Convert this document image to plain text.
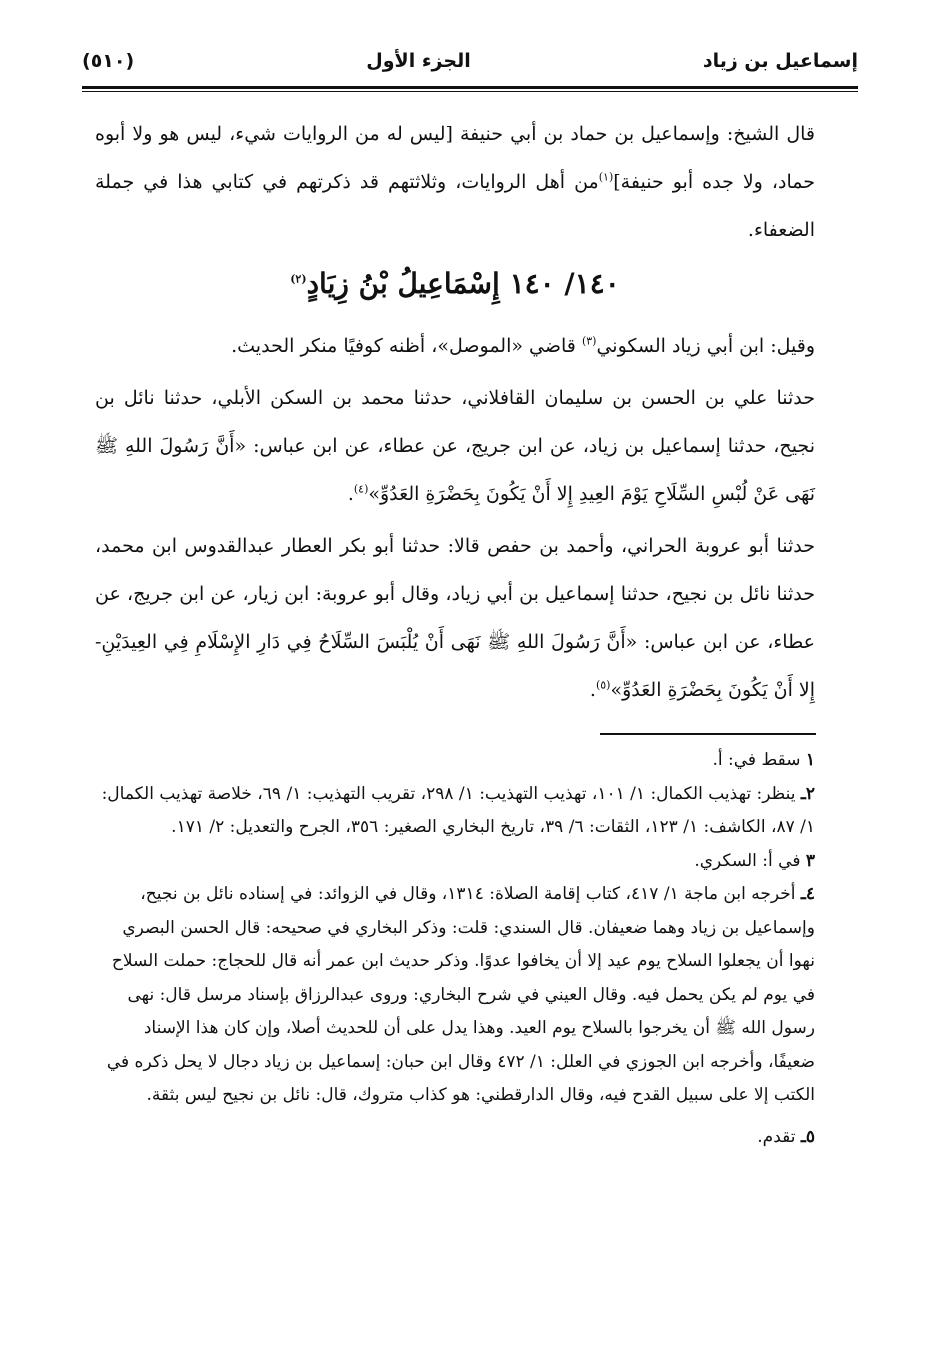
(٥١٠)	الجزء الأول	إسماعيل بن زياد
قال الشيخ: وإسماعيل بن حماد بن أبي حنيفة [ليس له من الروايات شيء، ليس هو ولا أبوه حماد، ولا جده أبو حنيفة]$^{(١)}$من أهل الروايات، وثلاثتهم قد ذكرتهم في كتابي هذا في جملة الضعفاء.
١٤٠/ ١٤٠ إِسْمَاعِيلُ بْنُ زِيَادٍ$^{(٢)}$
وقيل: ابن أبي زياد السكوني$^{(٣)}$ قاضي «الموصل»، أظنه كوفيًا منكر الحديث.
حدثنا علي بن الحسن بن سليمان القافلاني، حدثنا محمد بن السكن الأبلي، حدثنا نائل بن نجيح، حدثنا إسماعيل بن زياد، عن ابن جريج، عن عطاء، عن ابن عباس: «أَنَّ رَسُولَ اللهِ ﷺ نَهَى عَنْ لُبْسِ السِّلَاحِ يَوْمَ العِيدِ إِلا أَنْ يَكُونَ بِحَضْرَةِ العَدُوِّ»$^{(٤)}$.
حدثنا أبو عروبة الحراني، وأحمد بن حفص قالا: حدثنا أبو بكر العطار عبدالقدوس ابن محمد، حدثنا نائل بن نجيح، حدثنا إسماعيل بن أبي زياد، وقال أبو عروبة: ابن زيار، عن ابن جريج، عن عطاء، عن ابن عباس: «أَنَّ رَسُولَ اللهِ ﷺ نَهَى أَنْ يُلْبَسَ السِّلَاحُ فِي دَارِ الإِسْلَامِ فِي العِيدَيْنِ- إِلا أَنْ يَكُونَ بِحَضْرَةِ العَدُوِّ»$^{(٥)}$.
١ سقط في: أ.
٢ـ ينظر: تهذيب الكمال: ١/ ١٠١، تهذيب التهذيب: ١/ ٢٩٨، تقريب التهذيب: ١/ ٦٩، خلاصة تهذيب الكمال: ١/ ٨٧، الكاشف: ١/ ١٢٣، الثقات: ٦/ ٣٩، تاريخ البخاري الصغير: ٣٥٦، الجرح والتعديل: ٢/ ١٧١.
٣ في أ: السكري.
٤ـ أخرجه ابن ماجة ١/ ٤١٧، كتاب إقامة الصلاة: ١٣١٤، وقال في الزوائد: في إسناده نائل بن نجيح، وإسماعيل بن زياد وهما ضعيفان. قال السندي: قلت: وذكر البخاري في صحيحه: قال الحسن البصري نهوا أن يجعلوا السلاح يوم عيد إلا أن يخافوا عدوًا. وذكر حديث ابن عمر أنه قال للحجاج: حملت السلاح في يوم لم يكن يحمل فيه. وقال العيني في شرح البخاري: وروى عبدالرزاق بإسناد مرسل قال: نهى رسول الله ﷺ أن يخرجوا بالسلاح يوم العيد. وهذا يدل على أن للحديث أصلا، وإن كان هذا الإسناد ضعيفًا، وأخرجه ابن الجوزي في العلل: ١/ ٤٧٢ وقال ابن حبان: إسماعيل بن زياد دجال لا يحل ذكره في الكتب إلا على سبيل القدح فيه، وقال الدارقطني: هو كذاب متروك، قال: نائل بن نجيح ليس بثقة.
٥ـ تقدم.
